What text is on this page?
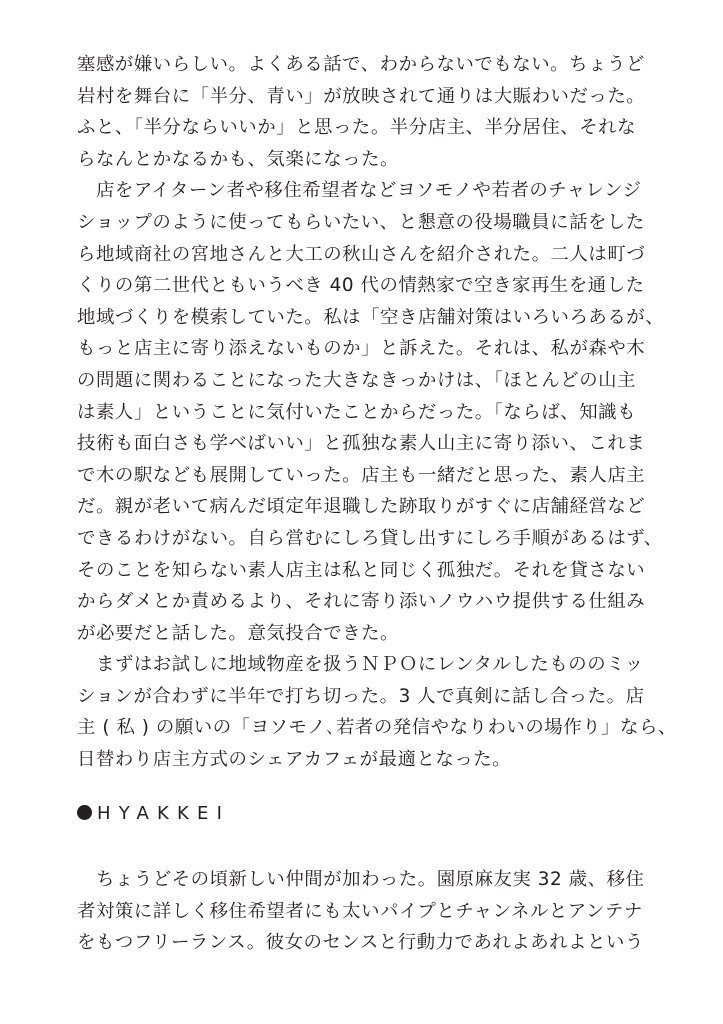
塞感が嫌いらしい。よくある話で、わからないでもない。ちょうど
岩村を舞台に「半分、青い」が放映されて通りは大賑わいだった。
ふと、「半分ならいいか」と思った。半分店主、半分居住、それな
らなんとかなるかも、気楽になった。
　店をアイターン者や移住希望者などヨソモノや若者のチャレンジ
ショップのように使ってもらいたい、と懇意の役場職員に話をした
ら地域商社の宮地さんと大工の秋山さんを紹介された。二人は町づ
くりの第二世代ともいうべき 40 代の情熱家で空き家再生を通した
地域づくりを模索していた。私は「空き店舗対策はいろいろあるが、
もっと店主に寄り添えないものか」と訴えた。それは、私が森や木
の問題に関わることになった大きなきっかけは、「ほとんどの山主
は素人」ということに気付いたことからだった。「ならば、知識も
技術も面白さも学べばいい」と孤独な素人山主に寄り添い、これま
で木の駅なども展開していった。店主も一緒だと思った、素人店主
だ。親が老いて病んだ頃定年退職した跡取りがすぐに店舗経営など
できるわけがない。自ら営むにしろ貸し出すにしろ手順があるはず、
そのことを知らない素人店主は私と同じく孤独だ。それを貸さない
からダメとか責めるより、それに寄り添いノウハウ提供する仕組み
が必要だと話した。意気投合できた。
　まずはお試しに地域物産を扱うＮＰＯにレンタルしたもののミッ
ションが合わずに半年で打ち切った。3 人で真剣に話し合った。店
主 ( 私 ) の願いの「ヨソモノ､若者の発信やなりわいの場作り」なら、
日替わり店主方式のシェアカフェが最適となった。
HYAKKEI
　ちょうどその頃新しい仲間が加わった。園原麻友実 32 歳、移住
者対策に詳しく移住希望者にも太いパイプとチャンネルとアンテナ
をもつフリーランス。彼女のセンスと行動力であれよあれよという
